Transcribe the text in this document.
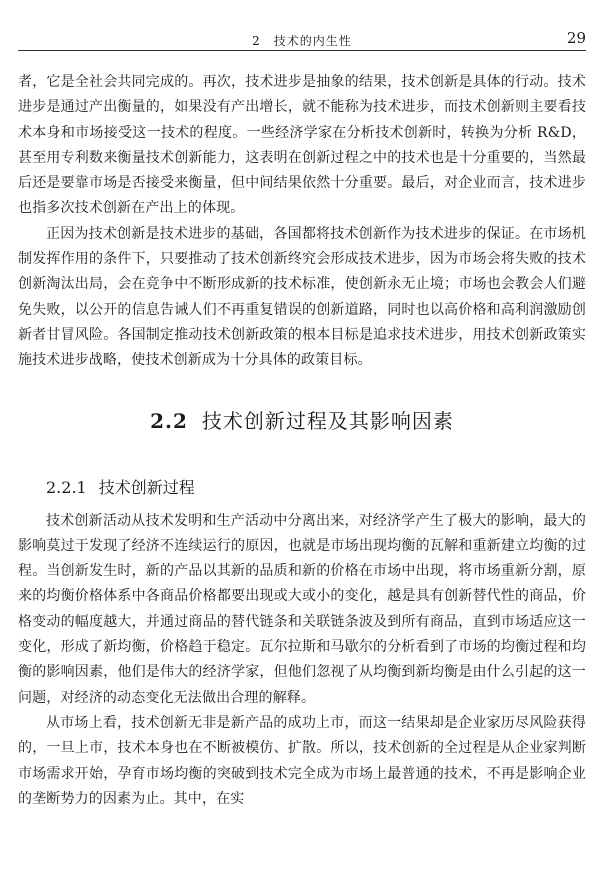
2　技术的内生性	29

者，它是全社会共同完成的。再次，技术进步是抽象的结果，技术创新是具体的行动。技术进步是通过产出衡量的，如果没有产出增长，就不能称为技术进步，而技术创新则主要看技术本身和市场接受这一技术的程度。一些经济学家在分析技术创新时，转换为分析 R&D，甚至用专利数来衡量技术创新能力，这表明在创新过程之中的技术也是十分重要的，当然最后还是要靠市场是否接受来衡量，但中间结果依然十分重要。最后，对企业而言，技术进步也指多次技术创新在产出上的体现。

正因为技术创新是技术进步的基础，各国都将技术创新作为技术进步的保证。在市场机制发挥作用的条件下，只要推动了技术创新终究会形成技术进步，因为市场会将失败的技术创新淘汰出局，会在竞争中不断形成新的技术标准，使创新永无止境；市场也会教会人们避免失败，以公开的信息告诫人们不再重复错误的创新道路，同时也以高价格和高利润激励创新者甘冒风险。各国制定推动技术创新政策的根本目标是追求技术进步，用技术创新政策实施技术进步战略，使技术创新成为十分具体的政策目标。

2.2 技术创新过程及其影响因素
2.2.1 技术创新过程

技术创新活动从技术发明和生产活动中分离出来，对经济学产生了极大的影响，最大的影响莫过于发现了经济不连续运行的原因，也就是市场出现均衡的瓦解和重新建立均衡的过程。当创新发生时，新的产品以其新的品质和新的价格在市场中出现，将市场重新分割，原来的均衡价格体系中各商品价格都要出现或大或小的变化，越是具有创新替代性的商品，价格变动的幅度越大，并通过商品的替代链条和关联链条波及到所有商品，直到市场适应这一变化，形成了新均衡，价格趋于稳定。瓦尔拉斯和马歇尔的分析看到了市场的均衡过程和均衡的影响因素，他们是伟大的经济学家，但他们忽视了从均衡到新均衡是由什么引起的这一问题，对经济的动态变化无法做出合理的解释。

从市场上看，技术创新无非是新产品的成功上市，而这一结果却是企业家历尽风险获得的，一旦上市，技术本身也在不断被模仿、扩散。所以，技术创新的全过程是从企业家判断市场需求开始，孕育市场均衡的突破到技术完全成为市场上最普通的技术，不再是影响企业的垄断势力的因素为止。其中，在实
